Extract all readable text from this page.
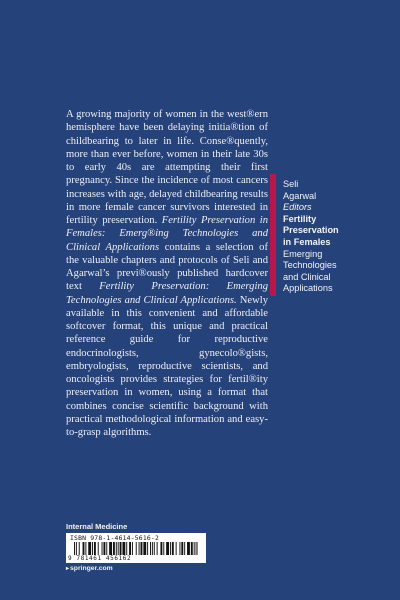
A growing majority of women in the west®ern hemisphere have been delaying initia®tion of childbearing to later in life. Conse®quently, more than ever before, women in their late 30s to early 40s are attempting their first pregnancy. Since the incidence of most cancers increases with age, delayed childbearing results in more female cancer survivors interested in fertility preservation. Fertility Preservation in Females: Emerg®ing Technologies and Clinical Applications contains a selection of the valuable chapters and protocols of Seli and Agarwal’s previ®ously published hardcover text Fertility Preservation: Emerging Technologies and Clinical Applications. Newly available in this convenient and affordable softcover format, this unique and practical reference guide for reproductive endocrinologists, gynecolo®gists, embryologists, reproductive scientists, and oncologists provides strategies for fertil®ity preservation in women, using a format that combines concise scientific background with practical methodological information and easy-to-grasp algorithms.

Seli
Agarwal
Editors
Fertility
Preservation
in Females
Emerging
Technologies
and Clinical
Applications
Internal Medicine
ISBN 978-1-4614-5616-2
9 781461 456162
▸springer.com
